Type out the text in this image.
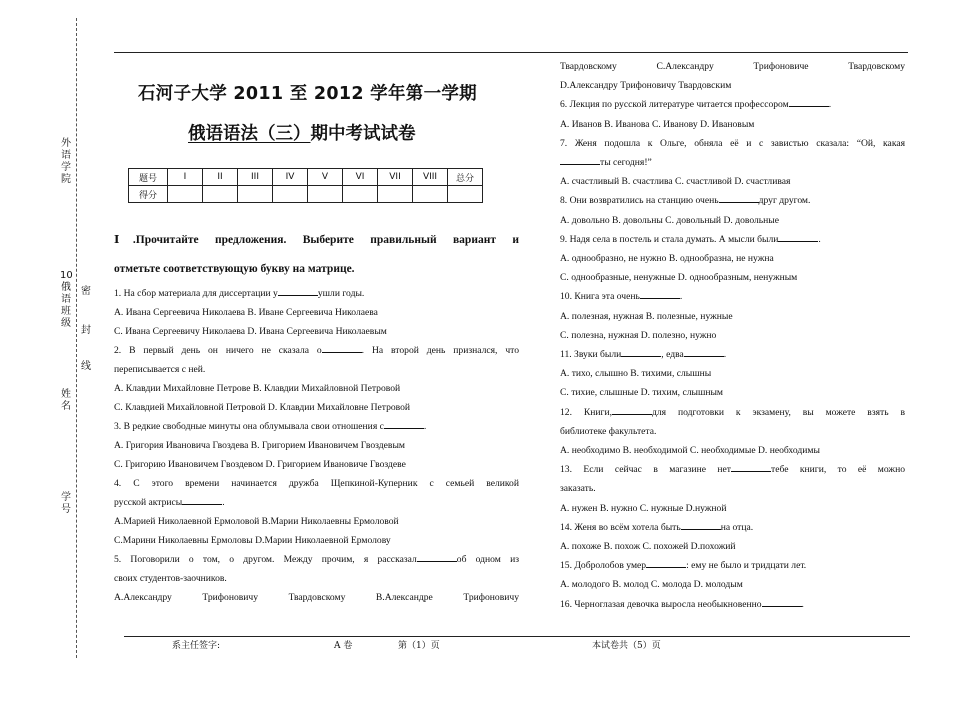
外语学院
10俄语班级
密
封
线
姓名
学号
石河子大学 2011 至 2012 学年第一学期
俄语语法（三）期中考试试卷
题号	I	II	III	IV	V	VI	VII	VIII	总分
得分									
Ⅰ.Прочитайте предложения. Выберите правильный вариант и
отметьте соответствующую букву на матрице.
1. На сбор материала для диссертации у	ушли годы.
A. Ивана Сергеевича Николаева B. Иване Сергеевича Николаева
C. Ивана Сергеевичу Николаева D. Ивана Сергеевича Николаевым
2. В первый день он ничего не сказала о	. На второй день признался, что
переписывается с ней.
A. Клавдии Михайловне Петрове B. Клавдии Михайловной Петровой
C. Клавдией Михайловной Петровой D. Клавдии Михайловне Петровой
3. В редкие свободные минуты она облумывала свои отношения с	.
A. Григория Ивановича Гвоздева B. Григорием Ивановичем Гвоздевым
C. Григорию Ивановичем Гвоздевом D. Григорием Ивановиче Гвоздеве
4. С этого времени начинается дружба Щепкиной-Куперник с семьей великой
русской актрисы	.
A.Марией Николаевной Ермоловой B.Марии Николаевны Ермоловой
C.Марини Николаевны Ермоловы D.Марии Николаевной Ермолову
5. Поговорили о том, о другом. Между прочим, я рассказал	об одном из
своих студентов-заочников.
A.Александру Трифоновичу Твардовскому B.Александре Трифоновичу
Твардовскому C.Александру Трифоновиче Твардовскому
D.Александру Трифоновичу Твардовским
6. Лекция по русской литературе читается профессором	.
A. Иванов B. Иванова C. Иванову D. Ивановым
7. Женя подошла к Ольге, обняла её и с завистью сказала: “Ой, какая
ты сегодня!”
A. счастливый B. счастлива C. счастливой D. счастливая
8. Они возвратились на станцию очень	друг другом.
A. довольно B. довольны C. довольный D. довольные
9. Надя села в постель и стала думать. А мысли были	.
A. однообразно, не нужно B. однообразна, не нужна
C. однообразные, ненужные D. однообразным, ненужным
10. Книга эта очень	.
A. полезная, нужная B. полезные, нужные
C. полезна, нужная D. полезно, нужно
11. Звуки были	, едва	.
A. тихо, слышно B. тихими, слышны
C. тихие, слышные D. тихим, слышным
12. Книги,	для подготовки к экзамену, вы можете взять в
библиотеке факультета.
A. необходимо B. необходимой C. необходимые D. необходимы
13. Если сейчас в магазине нет	тебе книги, то её можно
заказать.
A. нужен B. нужно C. нужные D.нужной
14. Женя во всём хотела быть	на отца.
A. похоже B. похож C. похожей D.похожий
15. Добролобов умер	: ему не было и тридцати лет.
A. молодого B. молод C. молода D. молодым
16. Черноглазая девочка выросла необыкновенно	.
系主任签字:	A 卷	第（1）页	本试卷共（5）页
